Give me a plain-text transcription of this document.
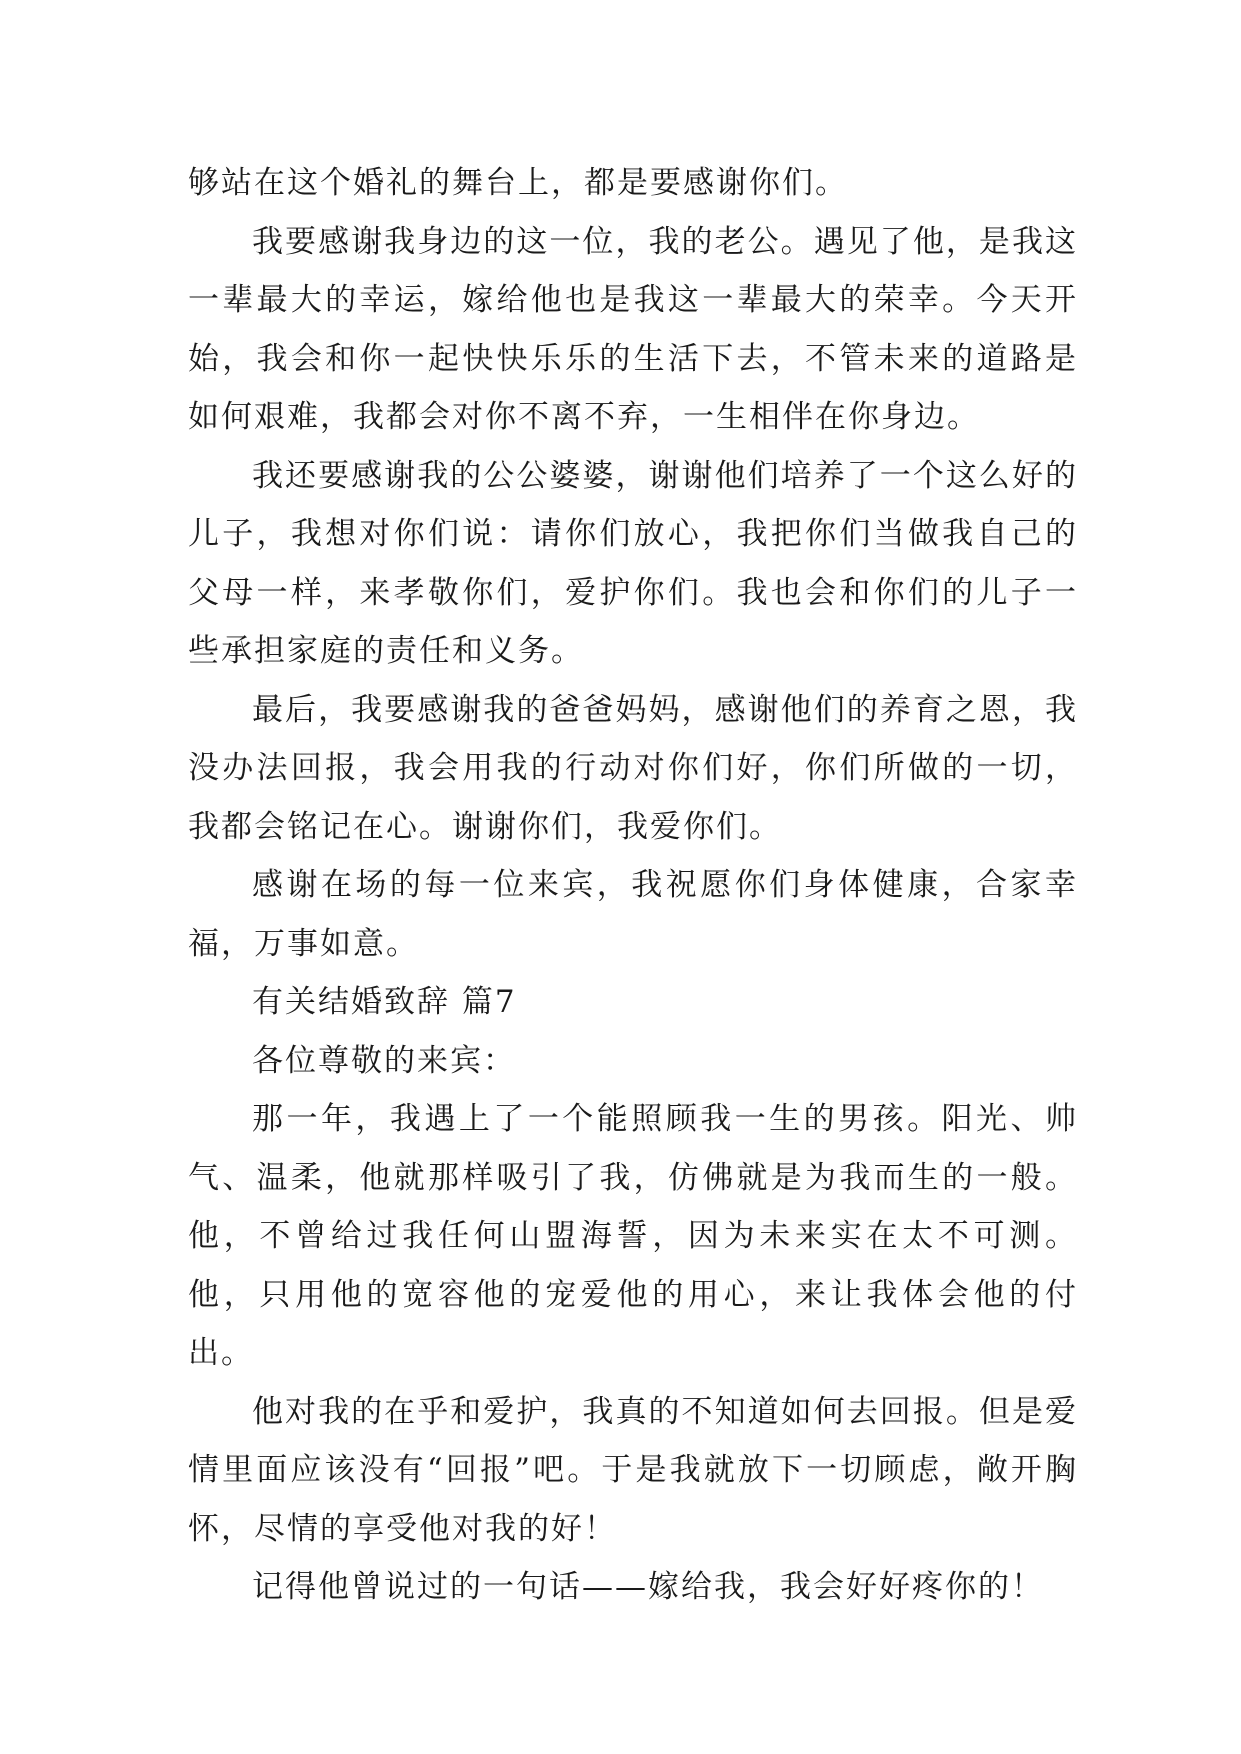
够站在这个婚礼的舞台上，都是要感谢你们。

我要感谢我身边的这一位，我的老公。遇见了他，是我这一辈最大的幸运，嫁给他也是我这一辈最大的荣幸。今天开始，我会和你一起快快乐乐的生活下去，不管未来的道路是如何艰难，我都会对你不离不弃，一生相伴在你身边。

我还要感谢我的公公婆婆，谢谢他们培养了一个这么好的儿子，我想对你们说：请你们放心，我把你们当做我自己的父母一样，来孝敬你们，爱护你们。我也会和你们的儿子一些承担家庭的责任和义务。

最后，我要感谢我的爸爸妈妈，感谢他们的养育之恩，我没办法回报，我会用我的行动对你们好，你们所做的一切，我都会铭记在心。谢谢你们，我爱你们。

感谢在场的每一位来宾，我祝愿你们身体健康，合家幸福，万事如意。

有关结婚致辞 篇7

各位尊敬的来宾：

那一年，我遇上了一个能照顾我一生的男孩。阳光、帅气、温柔，他就那样吸引了我，仿佛就是为我而生的一般。他，不曾给过我任何山盟海誓，因为未来实在太不可测。他，只用他的宽容他的宠爱他的用心，来让我体会他的付出。

他对我的在乎和爱护，我真的不知道如何去回报。但是爱情里面应该没有“回报”吧。于是我就放下一切顾虑，敞开胸怀，尽情的享受他对我的好！

记得他曾说过的一句话——嫁给我，我会好好疼你的！
